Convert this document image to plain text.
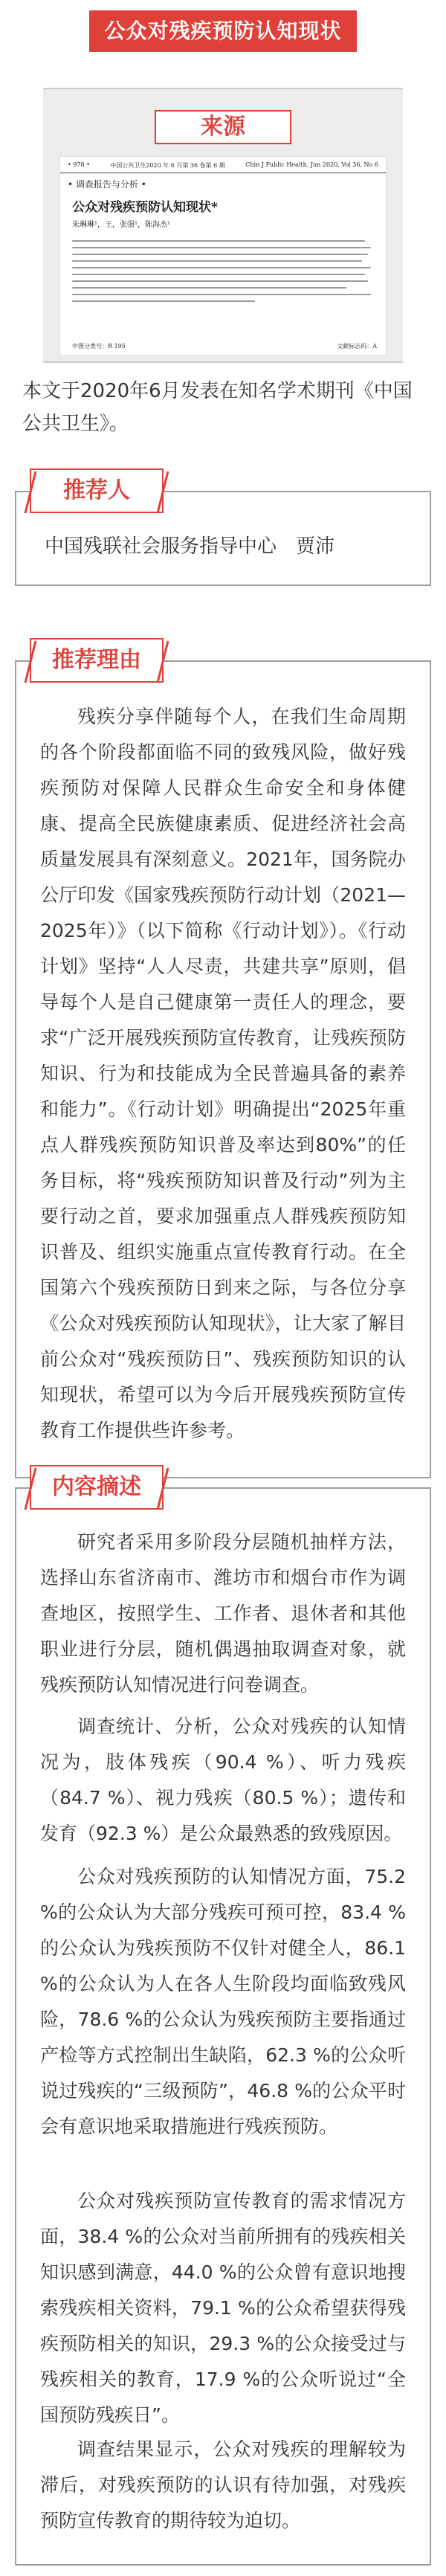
公众对残疾预防认知现状
来源
• 978 •	中国公共卫生2020 年 6 月第 36 卷第 6 期	Chin J Public Health, Jun 2020, Vol 36, No 6
• 调查报告与分析 •
公众对残疾预防认知现状*
朱琳琳¹，王，张强¹，陈海杰¹
中图分类号：R 195	文献标志码：A
本文于2020年6月发表在知名学术期刊《中国公共卫生》。
推荐人
中国残联社会服务指导中心　贾沛
推荐理由
残疾分享伴随每个人，在我们生命周期的各个阶段都面临不同的致残风险，做好残疾预防对保障人民群众生命安全和身体健康、提高全民族健康素质、促进经济社会高质量发展具有深刻意义。2021年，国务院办公厅印发《国家残疾预防行动计划（2021—2025年）》（以下简称《行动计划》）。《行动计划》坚持“人人尽责，共建共享”原则，倡导每个人是自己健康第一责任人的理念，要求“广泛开展残疾预防宣传教育，让残疾预防知识、行为和技能成为全民普遍具备的素养和能力”。《行动计划》明确提出“2025年重点人群残疾预防知识普及率达到80%”的任务目标，将“残疾预防知识普及行动”列为主要行动之首，要求加强重点人群残疾预防知识普及、组织实施重点宣传教育行动。在全国第六个残疾预防日到来之际，与各位分享《公众对残疾预防认知现状》，让大家了解目前公众对“残疾预防日”、残疾预防知识的认知现状，希望可以为今后开展残疾预防宣传教育工作提供些许参考。
内容摘述
研究者采用多阶段分层随机抽样方法，选择山东省济南市、潍坊市和烟台市作为调查地区，按照学生、工作者、退休者和其他职业进行分层，随机偶遇抽取调查对象，就残疾预防认知情况进行问卷调查。
调查统计、分析，公众对残疾的认知情况为，肢体残疾（90.4 %）、听力残疾（84.7 %）、视力残疾（80.5 %）；遗传和发育（92.3 %）是公众最熟悉的致残原因。
公众对残疾预防的认知情况方面，75.2 %的公众认为大部分残疾可预可控，83.4 %的公众认为残疾预防不仅针对健全人，86.1 %的公众认为人在各人生阶段均面临致残风险，78.6 %的公众认为残疾预防主要指通过产检等方式控制出生缺陷，62.3 %的公众听说过残疾的“三级预防”，46.8 %的公众平时会有意识地采取措施进行残疾预防。
公众对残疾预防宣传教育的需求情况方面，38.4 %的公众对当前所拥有的残疾相关知识感到满意，44.0 %的公众曾有意识地搜索残疾相关资料，79.1 %的公众希望获得残疾预防相关的知识，29.3 %的公众接受过与残疾相关的教育，17.9 %的公众听说过“全国预防残疾日”。
调查结果显示，公众对残疾的理解较为滞后，对残疾预防的认识有待加强，对残疾预防宣传教育的期待较为迫切。
